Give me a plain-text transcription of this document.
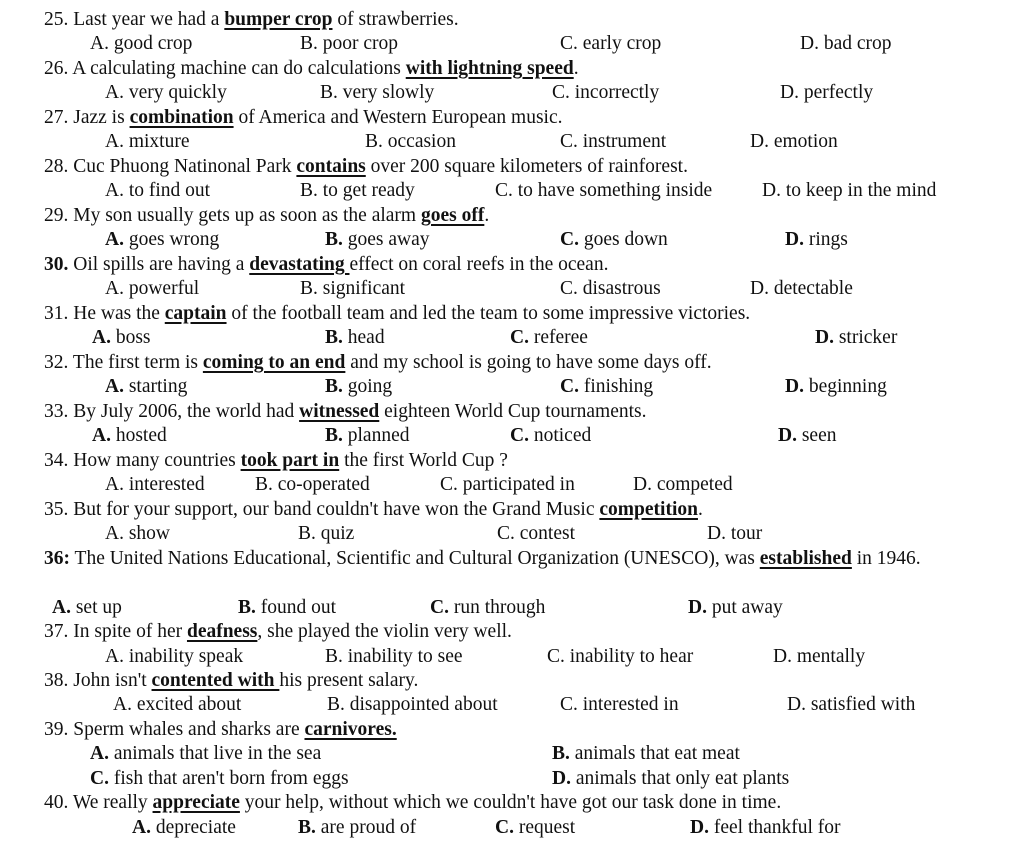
25. Last year we had a bumper crop of strawberries.
A. good crop	B. poor crop	C. early crop	D. bad crop
26. A calculating machine can do calculations with lightning speed.
A. very quickly	B. very slowly	C. incorrectly	D. perfectly
27. Jazz is combination of America and Western European music.
A. mixture	B. occasion	C. instrument	D. emotion
28. Cuc Phuong Natinonal Park contains over 200 square kilometers of rainforest.
A. to find out	B. to get ready	C. to have something inside	D. to keep in the mind
29. My son usually gets up as soon as the alarm goes off.
A. goes wrong	B. goes away	C. goes down	D. rings
30. Oil spills are having a devastating effect on coral reefs in the ocean.
A. powerful	B. significant	C. disastrous	D. detectable
31. He was the captain of the football team and led the team to some impressive victories.
A. boss	B. head	C. referee	D. stricker
32. The first term is coming to an end and my school is going to have some days off.
A. starting	B. going	C. finishing	D. beginning
33. By July 2006, the world had witnessed eighteen World Cup tournaments.
A. hosted	B. planned	C. noticed	D. seen
34. How many countries took part in the first World Cup ?
A. interested	B. co-operated	C. participated in	D. competed
35. But for your support, our band couldn't have won the Grand Music competition.
A. show	B. quiz	C. contest	D. tour
36: The United Nations Educational, Scientific and Cultural Organization (UNESCO), was established in 1946.
A. set up	B. found out	C. run through	D. put away
37. In spite of her deafness, she played the violin very well.
A. inability speak	B. inability to see	C. inability to hear	D. mentally
38. John isn't contented with his present salary.
A. excited about	B. disappointed about	C. interested in	D. satisfied with
39. Sperm whales and sharks are carnivores.
A. animals that live in the sea	B. animals that eat meat
C. fish that aren't born from eggs	D. animals that only eat plants
40. We really appreciate your help, without which we couldn't have got our task done in time.
A. depreciate	B. are proud of	C. request	D. feel thankful for
